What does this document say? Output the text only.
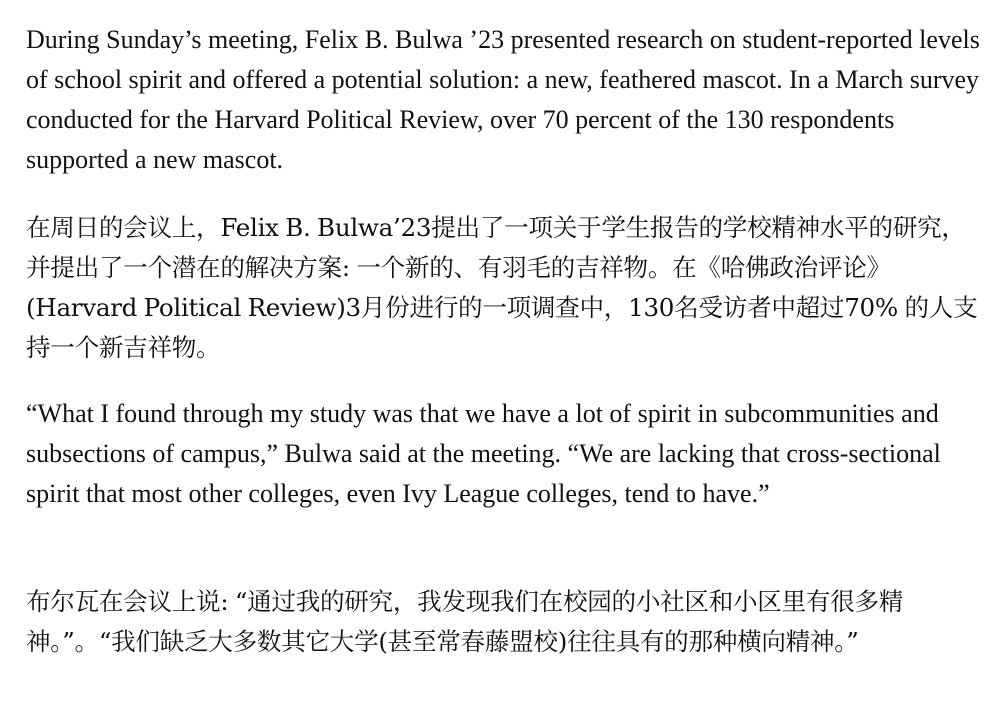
During Sunday’s meeting, Felix B. Bulwa ’23 presented research on student-reported levels of school spirit and offered a potential solution: a new, feathered mascot. In a March survey conducted for the Harvard Political Review, over 70 percent of the 130 respondents supported a new mascot.

在周日的会议上，Felix B. Bulwa’23提出了一项关于学生报告的学校精神水平的研究，并提出了一个潜在的解决方案: 一个新的、有羽毛的吉祥物。在《哈佛政治评论》(Harvard Political Review)3月份进行的一项调查中，130名受访者中超过70% 的人支持一个新吉祥物。

“What I found through my study was that we have a lot of spirit in subcommunities and subsections of campus,” Bulwa said at the meeting. “We are lacking that cross-sectional spirit that most other colleges, even Ivy League colleges, tend to have.”

布尔瓦在会议上说: “通过我的研究，我发现我们在校园的小社区和小区里有很多精神。”。“我们缺乏大多数其它大学(甚至常春藤盟校)往往具有的那种横向精神。”
